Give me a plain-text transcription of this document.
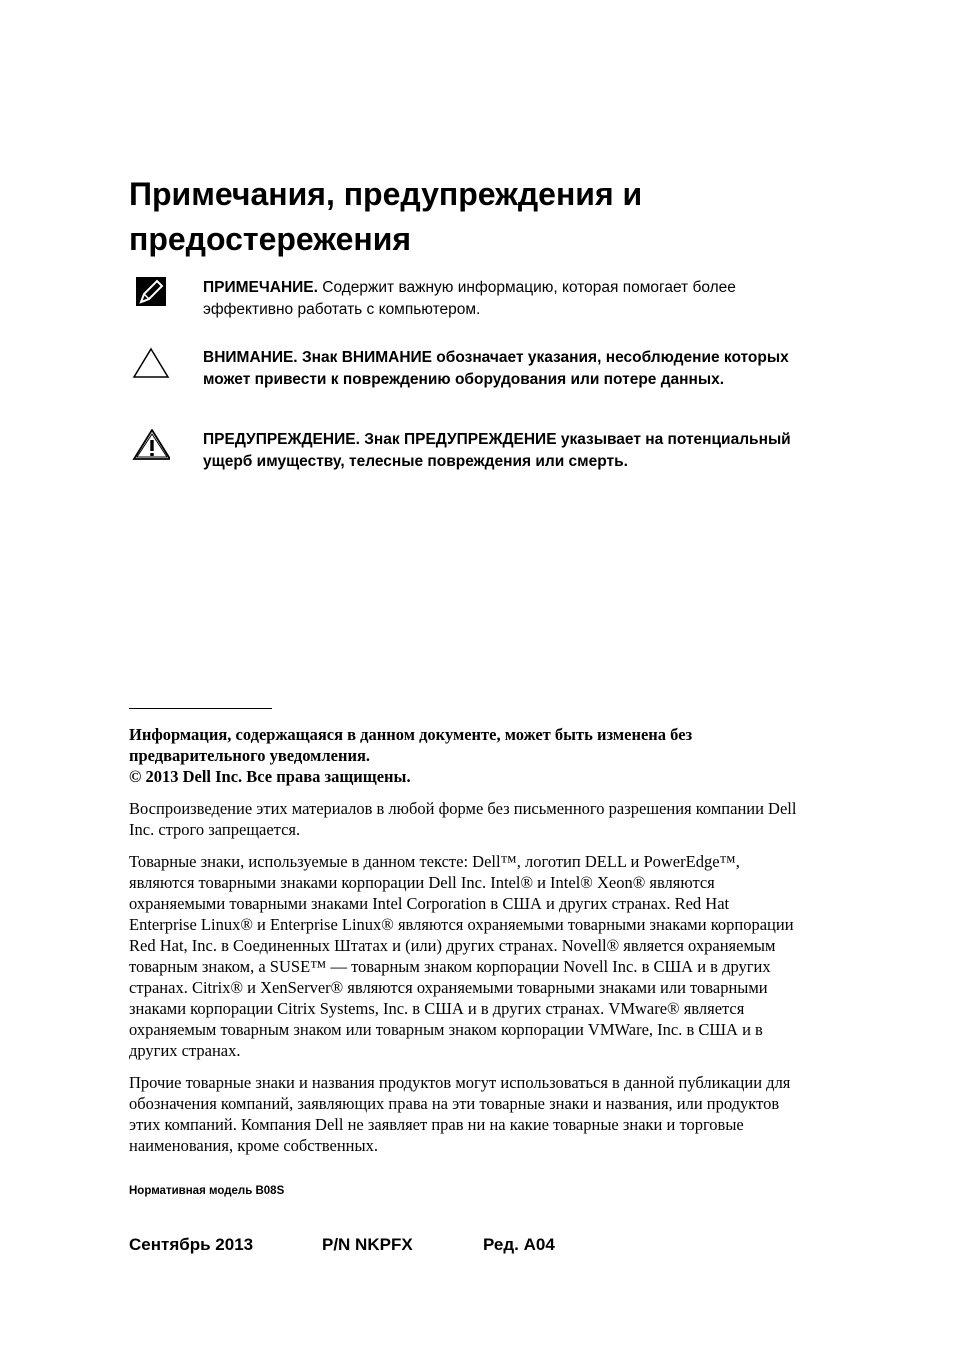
Примечания, предупреждения и предостережения
ПРИМЕЧАНИЕ. Содержит важную информацию, которая помогает более эффективно работать с компьютером.
ВНИМАНИЕ. Знак ВНИМАНИЕ обозначает указания, несоблюдение которых может привести к повреждению оборудования или потере данных.
ПРЕДУПРЕЖДЕНИЕ. Знак ПРЕДУПРЕЖДЕНИЕ указывает на потенциальный ущерб имуществу, телесные повреждения или смерть.

Информация, содержащаяся в данном документе, может быть изменена без предварительного уведомления.

© 2013 Dell Inc. Все права защищены.

Воспроизведение этих материалов в любой форме без письменного разрешения компании Dell Inc. строго запрещается.

Товарные знаки, используемые в данном тексте: Dell™, логотип DELL и PowerEdge™, являются товарными знаками корпорации Dell Inc. Intel® и Intel® Xeon® являются охраняемыми товарными знаками Intel Corporation в США и других странах. Red Hat Enterprise Linux® и Enterprise Linux® являются охраняемыми товарными знаками корпорации Red Hat, Inc. в Соединенных Штатах и (или) других странах. Novell® является охраняемым товарным знаком, а SUSE™ — товарным знаком корпорации Novell Inc. в США и в других странах. Citrix® и XenServer® являются охраняемыми товарными знаками или товарными знаками корпорации Citrix Systems, Inc. в США и в других странах. VMware® является охраняемым товарным знаком или товарным знаком корпорации VMWare, Inc. в США и в других странах.

Прочие товарные знаки и названия продуктов могут использоваться в данной публикации для обозначения компаний, заявляющих права на эти товарные знаки и названия, или продуктов этих компаний. Компания Dell не заявляет прав ни на какие товарные знаки и торговые наименования, кроме собственных.

Нормативная модель B08S
Сентябрь 2013	P/N NKPFX	Ред. A04
